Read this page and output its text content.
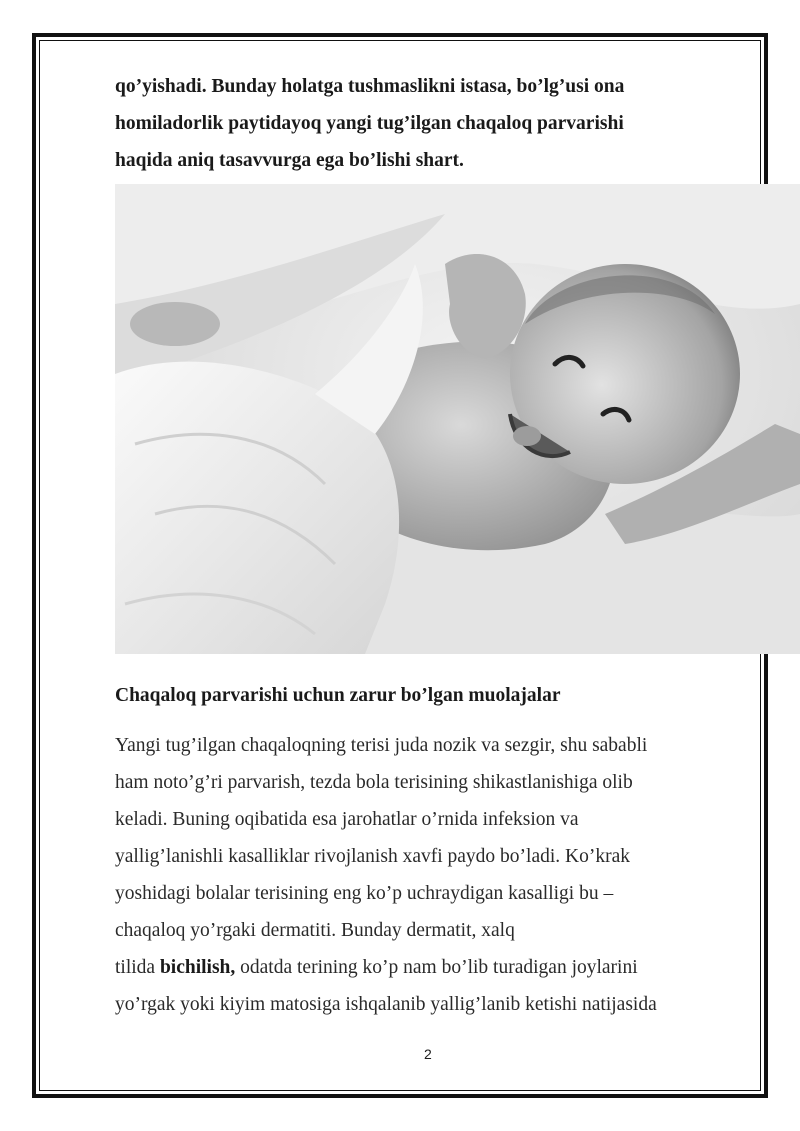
qo’yishadi. Bunday holatga tushmaslikni istasa, bo’lg’usi ona
homiladorlik paytidayoq yangi tug’ilgan chaqaloq parvarishi
haqida aniq tasavvurga ega bo’lishi shart.

Chaqaloq parvarishi uchun zarur bo’lgan muolajalar

Yangi tug’ilgan chaqaloqning terisi juda nozik va sezgir, shu sababli
ham noto’g’ri parvarish, tezda bola terisining shikastlanishiga olib
keladi. Buning oqibatida esa jarohatlar o’rnida infeksion va
yallig’lanishli kasalliklar rivojlanish xavfi paydo bo’ladi. Ko’krak
yoshidagi bolalar terisining eng ko’p uchraydigan kasalligi bu –
chaqaloq yo’rgaki dermatiti. Bunday dermatit, xalq
tilida bichilish, odatda terining ko’p nam bo’lib turadigan joylarini
yo’rgak yoki kiyim matosiga ishqalanib yallig’lanib ketishi natijasida

2
